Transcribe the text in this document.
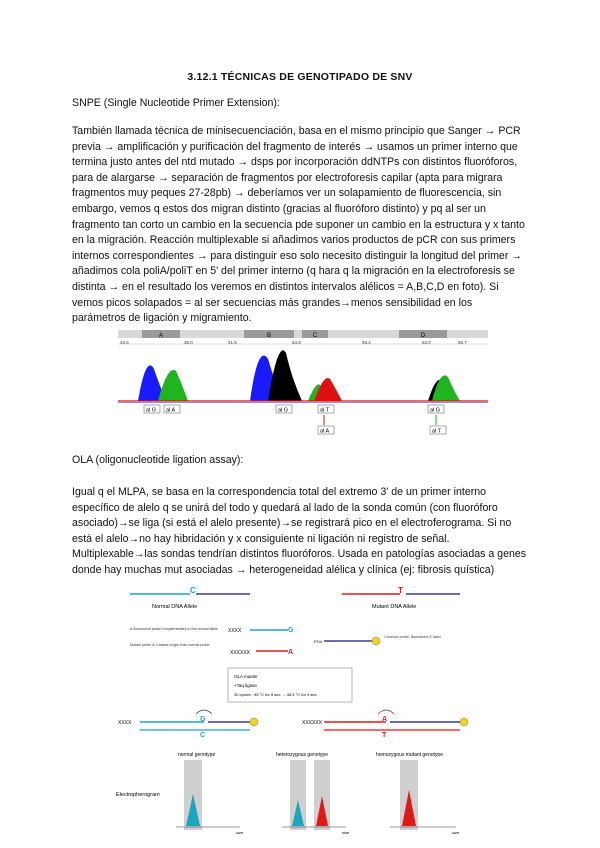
3.12.1 TÉCNICAS DE GENOTIPADO DE SNV
SNPE (Single Nucleotide Primer Extension):

También llamada técnica de minisecuenciación, basa en el mismo principio que Sanger → PCR previa → amplificación y purificación del fragmento de interés → usamos un primer interno que termina justo antes del ntd mutado → dsps por incorporación ddNTPs con distintos fluoróforos, para de alargarse → separación de fragmentos por electroforesis capilar (apta para migrara fragmentos muy peques 27-28pb) → deberíamos ver un solapamiento de fluorescencia, sin embargo, vemos q estos dos migran distinto (gracias al fluoróforo distinto) y pq al ser un fragmento tan corto un cambio en la secuencia pde suponer un cambio en la estructura y x tanto en la migración. Reacción multiplexable si añadimos varios productos de pCR con sus primers internos correspondientes → para distinguir eso solo necesito distinguir la longitud del primer → añadimos cola poliA/poliT en 5' del primer interno (q hara q la migración en la electroforesis se distinta → en el resultado los veremos en distintos intervalos alélicos = A,B,C,D en foto). Si vemos picos solapados = al ser secuencias más grandes→menos sensibilidad en los parámetros de ligación y migramiento.

A	B	C	D
34.5	38.0	41.5	44.9	48.4	52.0	55.7
al G al A	al G	al T	al G
al A	al T
OLA (oligonucleotide ligation assay):

Igual q el MLPA, se basa en la correspondencia total del extremo 3' de un primer interno específico de alelo q se unirá del todo y quedará al lado de la sonda común (con fluoróforo asociado)→se liga (si está el alelo presente)→se registrará pico en el electroferograma. Si no está el alelo→no hay hibridación y x consiguiente ni ligación ni registro de señal. Multiplexable→las sondas tendrían distintos fluoróforos. Usada en patologías asociadas a genes donde hay muchas mut asociadas → heterogeneidad alélica y clínica (ej: fibrosis quística)

C
Normal DNA Allele
T
Mutant DNA Allele
A fluorescent probe complementary to the normal allele
Mutant probe is 3 bases longer than normal probe
XXXX	G
XXXXXX	A
PO4
Common probe, fluorescent 3' label
OLA master
+Taq ligase
30 cycles : 95 °C for 5 sec → 48.5 °C for 4 sec
XXXX	G
C
XXXXXX	A
T
normal genotype	heterozygous genotype	homozygous mutant genotype
Electropherogram
size	size	size
